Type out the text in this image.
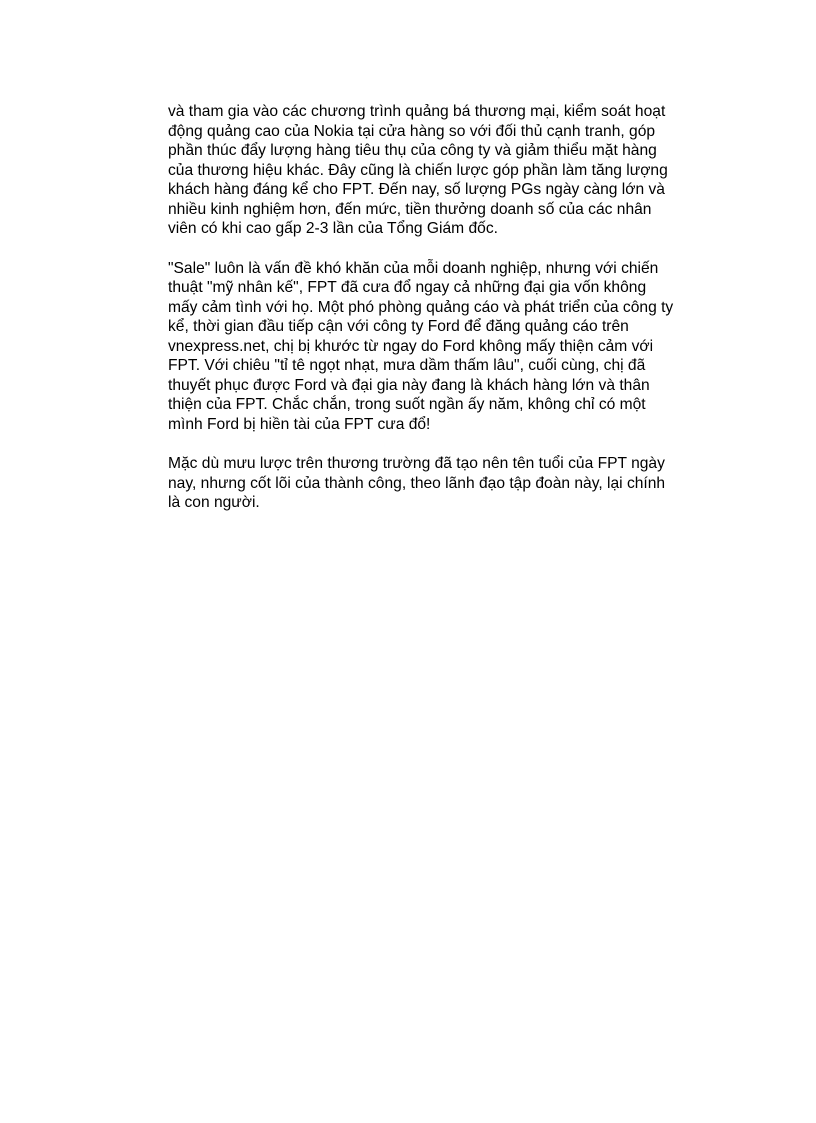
và tham gia vào các chương trình quảng bá thương mại, kiểm soát hoạt
động quảng cao của Nokia tại cửa hàng so với đối thủ cạnh tranh, góp
phần thúc đẩy lượng hàng tiêu thụ của công ty và giảm thiểu mặt hàng
của thương hiệu khác. Đây cũng là chiến lược góp phần làm tăng lượng
khách hàng đáng kể cho FPT. Đến nay, số lượng PGs ngày càng lớn và
nhiều kinh nghiệm hơn, đến mức, tiền thưởng doanh số của các nhân
viên có khi cao gấp 2-3 lần của Tổng Giám đốc.

"Sale" luôn là vấn đề khó khăn của mỗi doanh nghiệp, nhưng với chiến
thuật "mỹ nhân kế", FPT đã cưa đổ ngay cả những đại gia vốn không
mấy cảm tình với họ. Một phó phòng quảng cáo và phát triển của công ty
kể, thời gian đầu tiếp cận với công ty Ford để đăng quảng cáo trên
vnexpress.net, chị bị khước từ ngay do Ford không mấy thiện cảm với
FPT. Với chiêu "tỉ tê ngọt nhạt, mưa dầm thấm lâu", cuối cùng, chị đã
thuyết phục được Ford và đại gia này đang là khách hàng lớn và thân
thiện của FPT. Chắc chắn, trong suốt ngần ấy năm, không chỉ có một
mình Ford bị hiền tài của FPT cưa đổ!

Mặc dù mưu lược trên thương trường đã tạo nên tên tuổi của FPT ngày
nay, nhưng cốt lõi của thành công, theo lãnh đạo tập đoàn này, lại chính
là con người.
